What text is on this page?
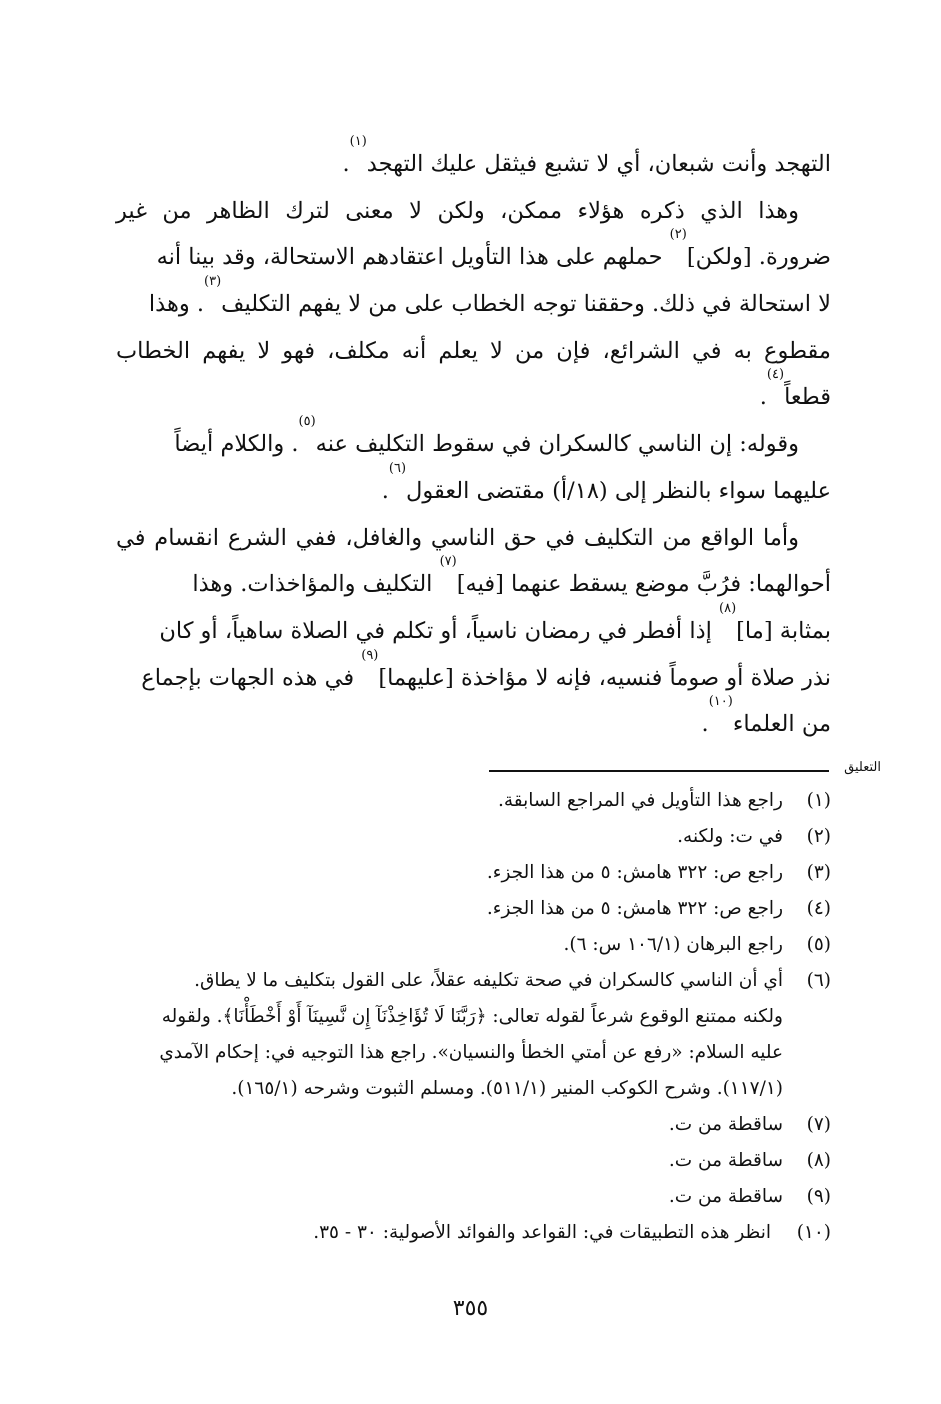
التهجد وأنت شبعان، أي لا تشبع فيثقل عليك التهجد
(١)
.
وهذا الذي ذكره هؤلاء ممكن، ولكن لا معنى لترك الظاهر من غير
ضرورة. [ولكن]
(٢)
حملهم على هذا التأويل اعتقادهم الاستحالة، وقد بينا أنه
لا استحالة في ذلك. وحققنا توجه الخطاب على من لا يفهم التكليف
(٣)
. وهذا
مقطوع به في الشرائع، فإن من لا يعلم أنه مكلف، فهو لا يفهم الخطاب
قطعاً
(٤)
.
وقوله: إن الناسي كالسكران في سقوط التكليف عنه
(٥)
. والكلام أيضاً
عليهما سواء بالنظر إلى (١٨/أ) مقتضى العقول
(٦)
.
وأما الواقع من التكليف في حق الناسي والغافل، ففي الشرع انقسام في
أحوالهما: فرُبَّ موضع يسقط عنهما [فيه]
(٧)
التكليف والمؤاخذات. وهذا
بمثابة [ما]
(٨)
إذا أفطر في رمضان ناسياً، أو تكلم في الصلاة ساهياً، أو كان
نذر صلاة أو صوماً فنسيه، فإنه لا مؤاخذة [عليهما]
(٩)
في هذه الجهات بإجماع
من العلماء
(١٠)
.
التعليق
(١)
راجع هذا التأويل في المراجع السابقة.
(٢)
في ت: ولكنه.
(٣)
راجع ص: ٣٢٢ هامش: ٥ من هذا الجزء.
(٤)
راجع ص: ٣٢٢ هامش: ٥ من هذا الجزء.
(٥)
راجع البرهان (١٠٦/١ س: ٦).
(٦)
أي أن الناسي كالسكران في صحة تكليفه عقلاً، على القول بتكليف ما لا يطاق.
ولكنه ممتنع الوقوع شرعاً لقوله تعالى: ﴿رَبَّنَا لَا تُؤَاخِذْنَآ إِن نَّسِينَآ أَوْ أَخْطَأْنَا﴾. ولقوله
عليه السلام: «رفع عن أمتي الخطأ والنسيان». راجع هذا التوجيه في: إحكام الآمدي
(١١٧/١). وشرح الكوكب المنير (٥١١/١). ومسلم الثبوت وشرحه (١٦٥/١).
(٧)
ساقطة من ت.
(٨)
ساقطة من ت.
(٩)
ساقطة من ت.
(١٠)
انظر هذه التطبيقات في: القواعد والفوائد الأصولية: ٣٠ - ٣٥.
٣٥٥
